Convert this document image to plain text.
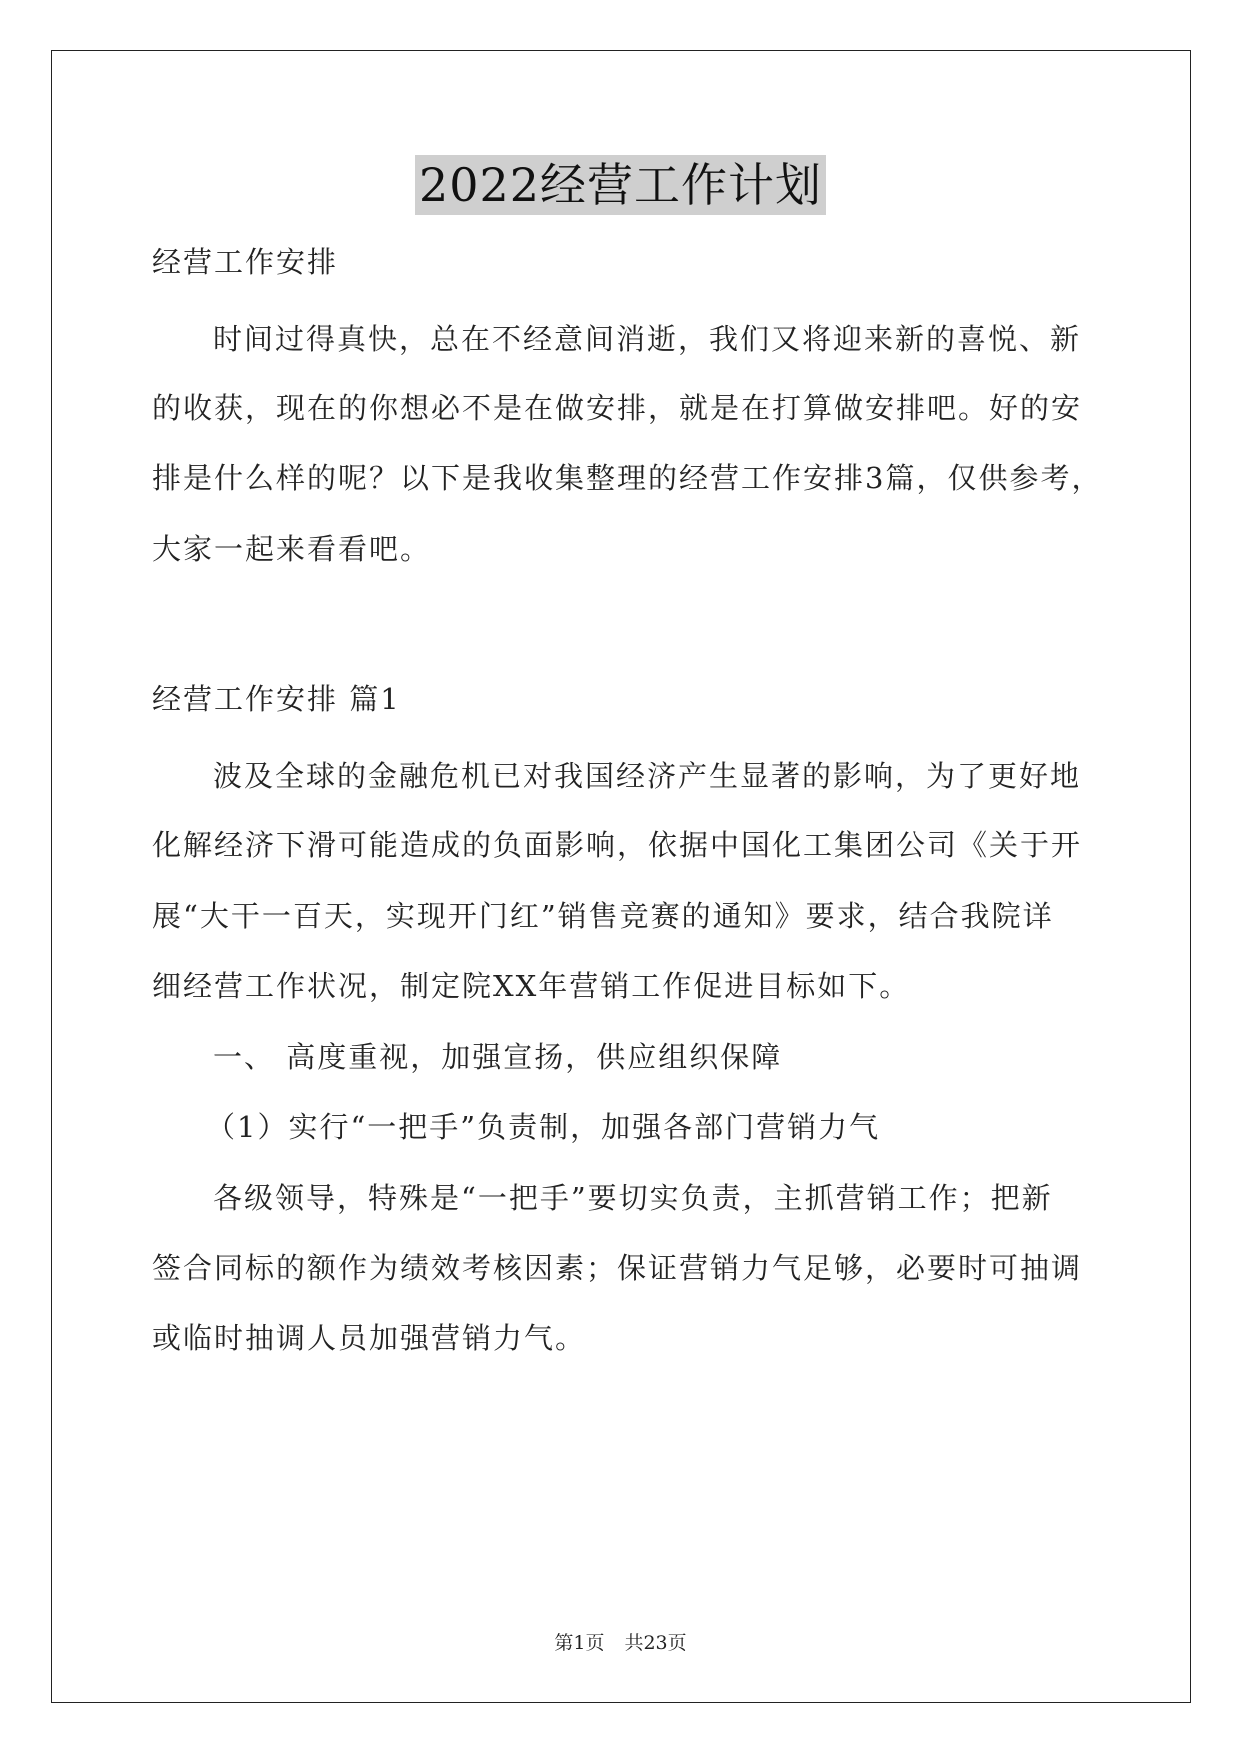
2022经营工作计划

经营工作安排

时间过得真快，总在不经意间消逝，我们又将迎来新的喜悦、新

的收获，现在的你想必不是在做安排，就是在打算做安排吧。好的安

排是什么样的呢？以下是我收集整理的经营工作安排3篇，仅供参考，

大家一起来看看吧。

经营工作安排 篇1

波及全球的金融危机已对我国经济产生显著的影响，为了更好地

化解经济下滑可能造成的负面影响，依据中国化工集团公司《关于开

展“大干一百天，实现开门红”销售竞赛的通知》要求，结合我院详

细经营工作状况，制定院XX年营销工作促进目标如下。

一、 高度重视，加强宣扬，供应组织保障

（1）实行“一把手”负责制，加强各部门营销力气

各级领导，特殊是“一把手”要切实负责，主抓营销工作；把新

签合同标的额作为绩效考核因素；保证营销力气足够，必要时可抽调

或临时抽调人员加强营销力气。

第1页 共23页
